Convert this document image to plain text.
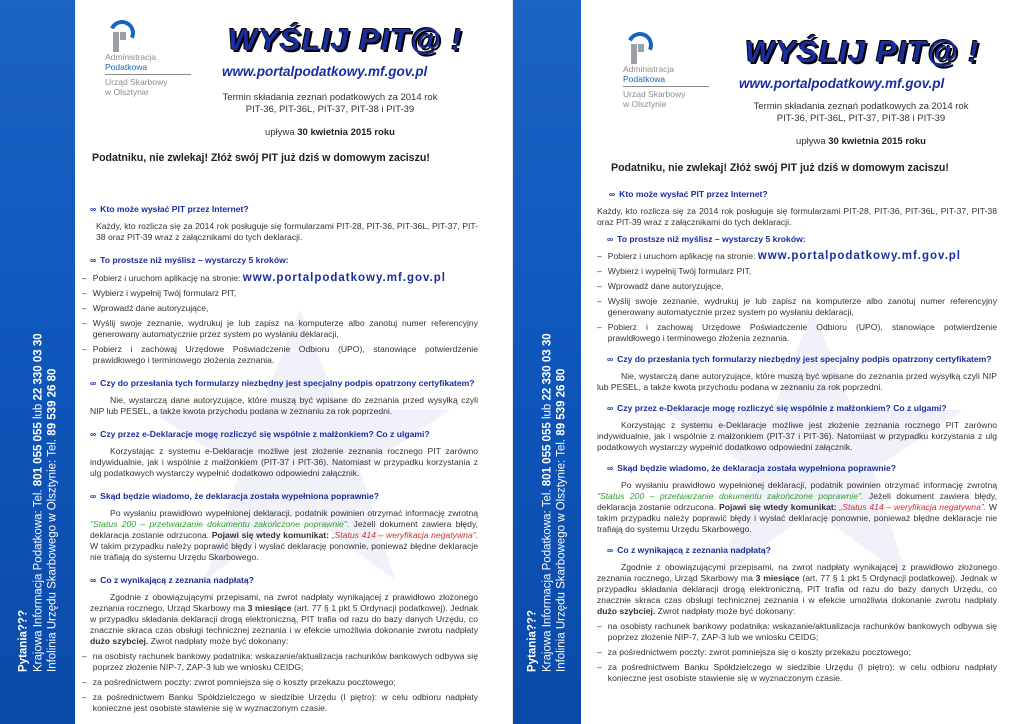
Pytania??? Krajowa Informacja Podatkowa: Tel. 801 055 055 lub 22 330 03 30
Infolinia Urzędu Skarbowego w Olsztynie: Tel. 89 539 26 80
Administracja
Podatkowa
Urząd Skarbowy
w Olsztynie
WYŚLIJ PIT@ !
www.portalpodatkowy.mf.gov.pl
Termin składania zeznań podatkowych za 2014 rok
PIT-36, PIT-36L, PIT-37, PIT-38 i PIT-39
upływa 30 kwietnia 2015 roku
Podatniku, nie zwlekaj! Złóż swój PIT już dziś w domowym zaciszu!
∞ Kto może wysłać PIT przez Internet?

Każdy, kto rozlicza się za 2014 rok posługuje się formularzami PIT-28, PIT-36, PIT-36L, PIT-37, PIT-38 oraz PIT-39 wraz z załącznikami do tych deklaracji.

∞ To prostsze niż myślisz – wystarczy 5 kroków:
– Pobierz i uruchom aplikację na stronie: www.portalpodatkowy.mf.gov.pl
– Wybierz i wypełnij Twój formularz PIT,
– Wprowadź dane autoryzujące,
– Wyślij swoje zeznanie, wydrukuj je lub zapisz na komputerze albo zanotuj numer referencyjny generowany automatycznie przez system po wysłaniu deklaracji,
– Pobierz i zachowaj Urzędowe Poświadczenie Odbioru (UPO), stanowiące potwierdzenie prawidłowego i terminowego złożenia zeznania.
∞ Czy do przesłania tych formularzy niezbędny jest specjalny podpis opatrzony certyfikatem?

Nie, wystarczą dane autoryzujące, które muszą być wpisane do zeznania przed wysyłką czyli NIP lub PESEL, a także kwota przychodu podana w zeznaniu za rok poprzedni.

∞ Czy przez e-Deklaracje mogę rozliczyć się wspólnie z małżonkiem? Co z ulgami?

Korzystając z systemu e-Deklaracje możliwe jest złożenie zeznania rocznego PIT zarówno indywidualnie, jak i wspólnie z małżonkiem (PIT-37 i PIT-36). Natomiast w przypadku korzystania z ulg podatkowych wystarczy wypełnić dodatkowo odpowiedni załącznik.

∞ Skąd będzie wiadomo, że deklaracja została wypełniona poprawnie?

Po wysłaniu prawidłowo wypełnionej deklaracji, podatnik powinien otrzymać informację zwrotną "Status 200 – przetwarzanie dokumentu zakończone poprawnie". Jeżeli dokument zawiera błędy, deklaracja zostanie odrzucona. Pojawi się wtedy komunikat: „Status 414 – weryfikacja negatywna”. W takim przypadku należy poprawić błędy i wysłać deklarację ponownie, ponieważ błędne deklaracje nie trafiają do systemu Urzędu Skarbowego.

∞ Co z wynikającą z zeznania nadpłatą?

Zgodnie z obowiązującymi przepisami, na zwrot nadpłaty wynikającej z prawidłowo złożonego zeznania rocznego, Urząd Skarbowy ma 3 miesiące (art. 77 § 1 pkt 5 Ordynacji podatkowej). Jednak w przypadku składania deklaracji drogą elektroniczną, PIT trafia od razu do bazy danych Urzędu, co znacznie skraca czas obsługi technicznej zeznania i w efekcie umożliwia dokonanie zwrotu nadpłaty dużo szybciej. Zwrot nadpłaty może być dokonany:

– na osobisty rachunek bankowy podatnika: wskazanie/aktualizacja rachunków bankowych odbywa się poprzez złożenie NIP-7, ZAP-3 lub we wniosku CEIDG;
– za pośrednictwem poczty: zwrot pomniejsza się o koszty przekazu pocztowego;
– za pośrednictwem Banku Spółdzielczego w siedzibie Urzędu (I piętro): w celu odbioru nadpłaty konieczne jest osobiste stawienie się w wyznaczonym czasie.
Pytania??? Krajowa Informacja Podatkowa: Tel. 801 055 055 lub 22 330 03 30
Infolinia Urzędu Skarbowego w Olsztynie: Tel. 89 539 26 80
Administracja
Podatkowa
Urząd Skarbowy
w Olsztynie
WYŚLIJ PIT@ !
www.portalpodatkowy.mf.gov.pl
Termin składania zeznań podatkowych za 2014 rok
PIT-36, PIT-36L, PIT-37, PIT-38 i PIT-39
upływa 30 kwietnia 2015 roku
Podatniku, nie zwlekaj! Złóż swój PIT już dziś w domowym zaciszu!
∞ Kto może wysłać PIT przez Internet?

Każdy, kto rozlicza się za 2014 rok posługuje się formularzami PIT-28, PIT-36, PIT-36L, PIT-37, PIT-38 oraz PIT-39 wraz z załącznikami do tych deklaracji.

∞ To prostsze niż myślisz – wystarczy 5 kroków:
– Pobierz i uruchom aplikację na stronie: www.portalpodatkowy.mf.gov.pl
– Wybierz i wypełnij Twój formularz PIT,
– Wprowadź dane autoryzujące,
– Wyślij swoje zeznanie, wydrukuj je lub zapisz na komputerze albo zanotuj numer referencyjny generowany automatycznie przez system po wysłaniu deklaracji,
– Pobierz i zachowaj Urzędowe Poświadczenie Odbioru (UPO), stanowiące potwierdzenie prawidłowego i terminowego złożenia zeznania.
∞ Czy do przesłania tych formularzy niezbędny jest specjalny podpis opatrzony certyfikatem?

Nie, wystarczą dane autoryzujące, które muszą być wpisane do zeznania przed wysyłką czyli NIP lub PESEL, a także kwota przychodu podana w zeznaniu za rok poprzedni.

∞ Czy przez e-Deklaracje mogę rozliczyć się wspólnie z małżonkiem? Co z ulgami?

Korzystając z systemu e-Deklaracje możliwe jest złożenie zeznania rocznego PIT zarówno indywidualnie, jak i wspólnie z małżonkiem (PIT-37 i PIT-36). Natomiast w przypadku korzystania z ulg podatkowych wystarczy wypełnić dodatkowo odpowiedni załącznik.

∞ Skąd będzie wiadomo, że deklaracja została wypełniona poprawnie?

Po wysłaniu prawidłowo wypełnionej deklaracji, podatnik powinien otrzymać informację zwrotną "Status 200 – przetwarzanie dokumentu zakończone poprawnie". Jeżeli dokument zawiera błędy, deklaracja zostanie odrzucona. Pojawi się wtedy komunikat: „Status 414 – weryfikacja negatywna”. W takim przypadku należy poprawić błędy i wysłać deklarację ponownie, ponieważ błędne deklaracje nie trafiają do systemu Urzędu Skarbowego.

∞ Co z wynikającą z zeznania nadpłatą?

Zgodnie z obowiązującymi przepisami, na zwrot nadpłaty wynikającej z prawidłowo złożonego zeznania rocznego, Urząd Skarbowy ma 3 miesiące (art. 77 § 1 pkt 5 Ordynacji podatkowej). Jednak w przypadku składania deklaracji drogą elektroniczną, PIT trafia od razu do bazy danych Urzędu, co znacznie skraca czas obsługi technicznej zeznania i w efekcie umożliwia dokonanie zwrotu nadpłaty dużo szybciej. Zwrot nadpłaty może być dokonany:

– na osobisty rachunek bankowy podatnika: wskazanie/aktualizacja rachunków bankowych odbywa się poprzez złożenie NIP-7, ZAP-3 lub we wniosku CEIDG;
– za pośrednictwem poczty: zwrot pomniejsza się o koszty przekazu pocztowego;
– za pośrednictwem Banku Spółdzielczego w siedzibie Urzędu (I piętro): w celu odbioru nadpłaty konieczne jest osobiste stawienie się w wyznaczonym czasie.
